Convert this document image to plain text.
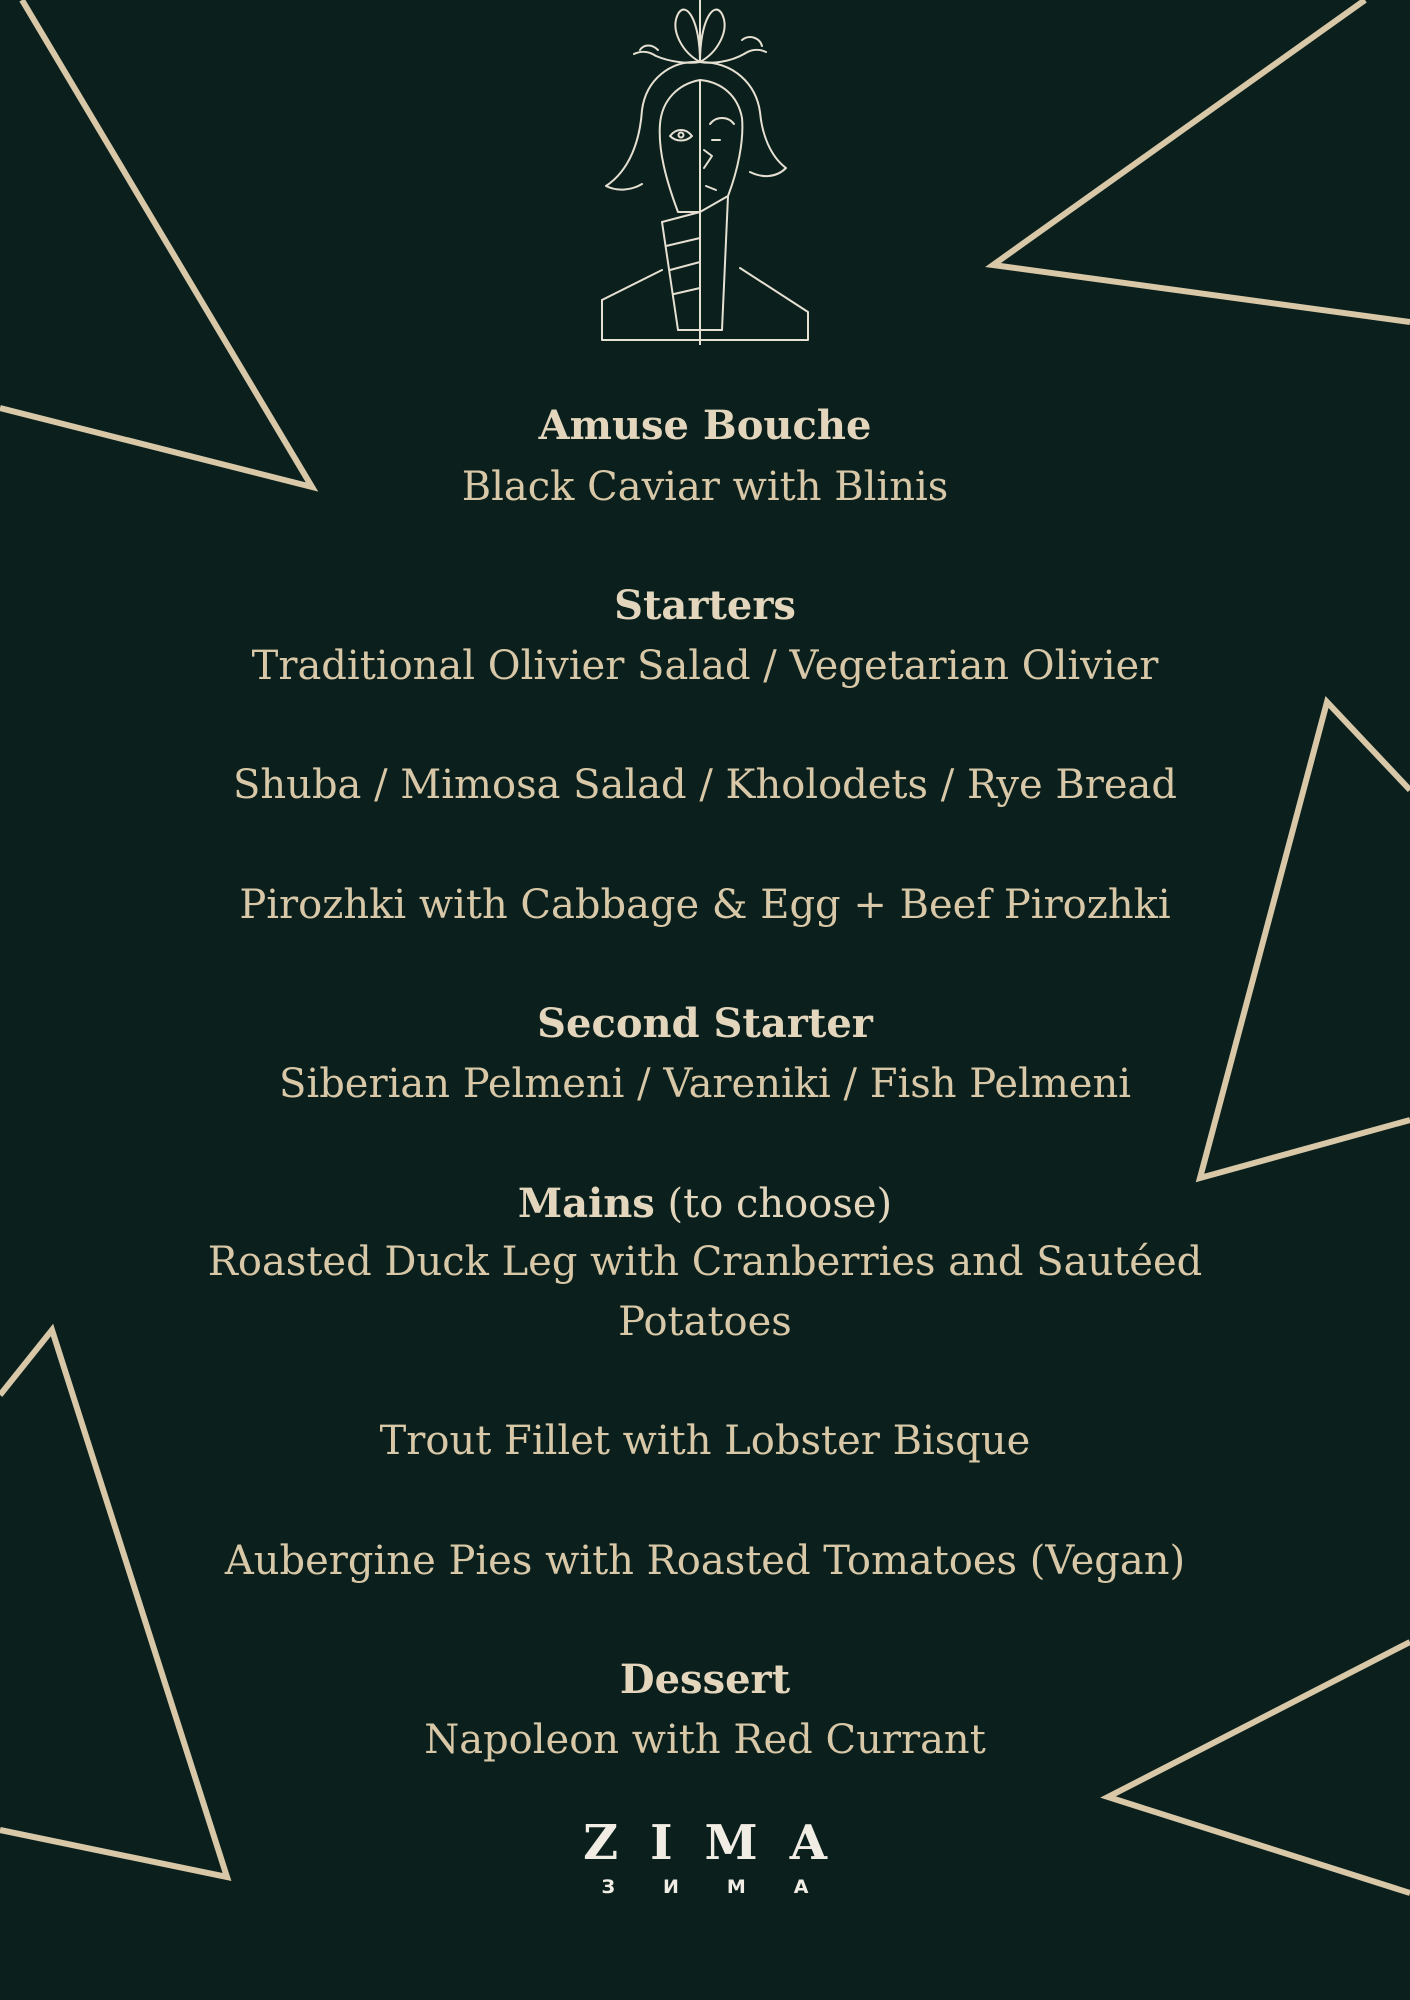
Amuse Bouche
Black Caviar with Blinis
Starters
Traditional Olivier Salad / Vegetarian Olivier
Shuba / Mimosa Salad / Kholodets / Rye Bread
Pirozhki with Cabbage & Egg + Beef Pirozhki
Second Starter
Siberian Pelmeni / Vareniki / Fish Pelmeni
Mains (to choose)
Roasted Duck Leg with Cranberries and Sautéed
Potatoes
Trout Fillet with Lobster Bisque
Aubergine Pies with Roasted Tomatoes (Vegan)
Dessert
Napoleon with Red Currant
ZIMA
ЗИМА
